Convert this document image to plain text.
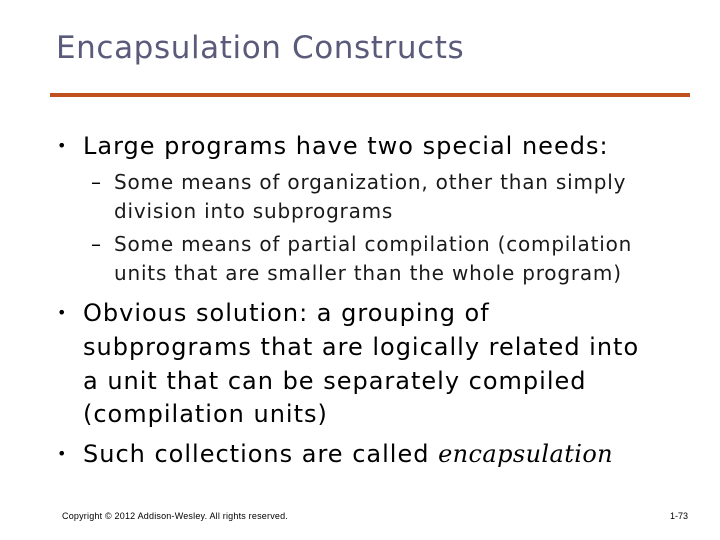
Encapsulation Constructs
• Large programs have two special needs:
– Some means of organization, other than simply
division into subprograms
– Some means of partial compilation (compilation
units that are smaller than the whole program)
• Obvious solution: a grouping of
subprograms that are logically related into
a unit that can be separately compiled
(compilation units)
• Such collections are called encapsulation
Copyright © 2012 Addison-Wesley. All rights reserved.	1-73
